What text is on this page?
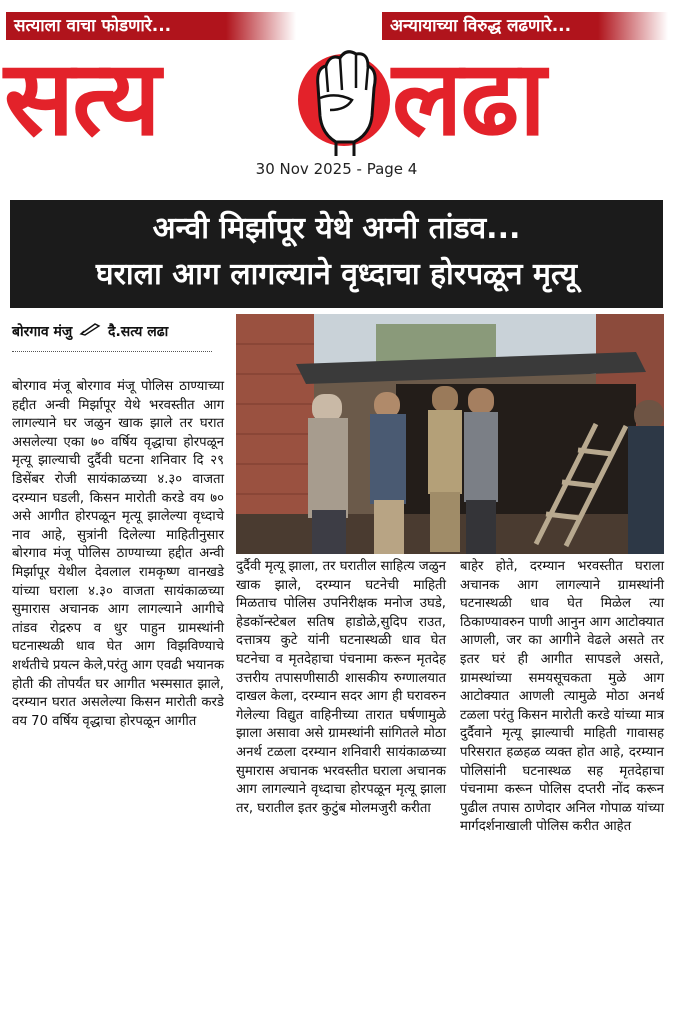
सत्याला वाचा फोडणारे...	अन्यायाच्या विरुद्ध लढणारे...
सत्य लढा
30 Nov 2025 - Page 4
अन्वी मिर्झापूर येथे अग्नी तांडव...
घराला आग लागल्याने वृध्दाचा होरपळून मृत्यू
बोरगाव मंजु	दै.सत्य लढा
बोरगाव मंजू बोरगाव मंजू पोलिस ठाण्याच्या हद्दीत अन्वी मिर्झापूर येथे भरवस्तीत आग लागल्याने घर जळुन खाक झाले तर घरात असलेल्या एका ७० वर्षिय वृद्धाचा होरपळून मृत्यू झाल्याची दुर्दैवी घटना शनिवार दि २९ डिसेंबर रोजी सायंकाळच्या ४.३० वाजता दरम्यान घडली, किसन मारोती करडे वय ७० असे आगीत होरपळून मृत्यू झालेल्या वृध्दाचे नाव आहे, सुत्रांनी दिलेल्या माहितीनुसार बोरगाव मंजू पोलिस ठाण्याच्या हद्दीत अन्वी मिर्झापूर येथील देवलाल रामकृष्ण वानखडे यांच्या घराला ४.३० वाजता सायंकाळच्या सुमारास अचानक आग लागल्याने आगीचे तांडव रोद्ररुप व धुर पाहुन ग्रामस्थांनी घटनास्थळी धाव घेत आग विझविण्याचे शर्थतीचे प्रयत्न केले,परंतु आग एवढी भयानक होती की तोपर्यंत घर आगीत भस्मसात झाले, दरम्यान घरात असलेल्या किसन मारोती करडे वय 70 वर्षिय वृद्धाचा होरपळून आगीत
दुर्दैवी मृत्यू झाला, तर घरातील साहित्य जळुन खाक झाले, दरम्यान घटनेची माहिती मिळताच पोलिस उपनिरीक्षक मनोज उघडे, हेडकॉन्स्टेबल सतिष हाडोळे,सुदिप राउत, दत्तात्रय कुटे यांनी घटनास्थळी धाव घेत घटनेचा व मृतदेहाचा पंचनामा करून मृतदेह उत्तरीय तपासणीसाठी शासकीय रुग्णालयात दाखल केला, दरम्यान सदर आग ही घरावरुन गेलेल्या विद्युत वाहिनीच्या तारात घर्षणामुळे झाला असावा असे ग्रामस्थांनी सांगितले मोठा अनर्थ टळला दरम्यान शनिवारी सायंकाळच्या सुमारास अचानक भरवस्तीत घराला अचानक आग लागल्याने वृध्दाचा होरपळून मृत्यू झाला तर, घरातील इतर कुटुंब मोलमजुरी करीता
बाहेर होते, दरम्यान भरवस्तीत घराला अचानक आग लागल्याने ग्रामस्थांनी घटनास्थळी धाव घेत मिळेल त्या ठिकाण्यावरुन पाणी आनुन आग आटोक्यात आणली, जर का आगीने वेढले असते तर इतर घरं ही आगीत सापडले असते, ग्रामस्थांच्या समयसूचकता मुळे आग आटोक्यात आणली त्यामुळे मोठा अनर्थ टळला परंतु किसन मारोती करडे यांच्या मात्र दुर्दैवाने मृत्यू झाल्याची माहिती गावासह परिसरात हळहळ व्यक्त होत आहे, दरम्यान पोलिसांनी घटनास्थळ सह मृतदेहाचा पंचनामा करून पोलिस दप्तरी नोंद करून पुढील तपास ठाणेदार अनिल गोपाळ यांच्या मार्गदर्शनाखाली पोलिस करीत आहेत
